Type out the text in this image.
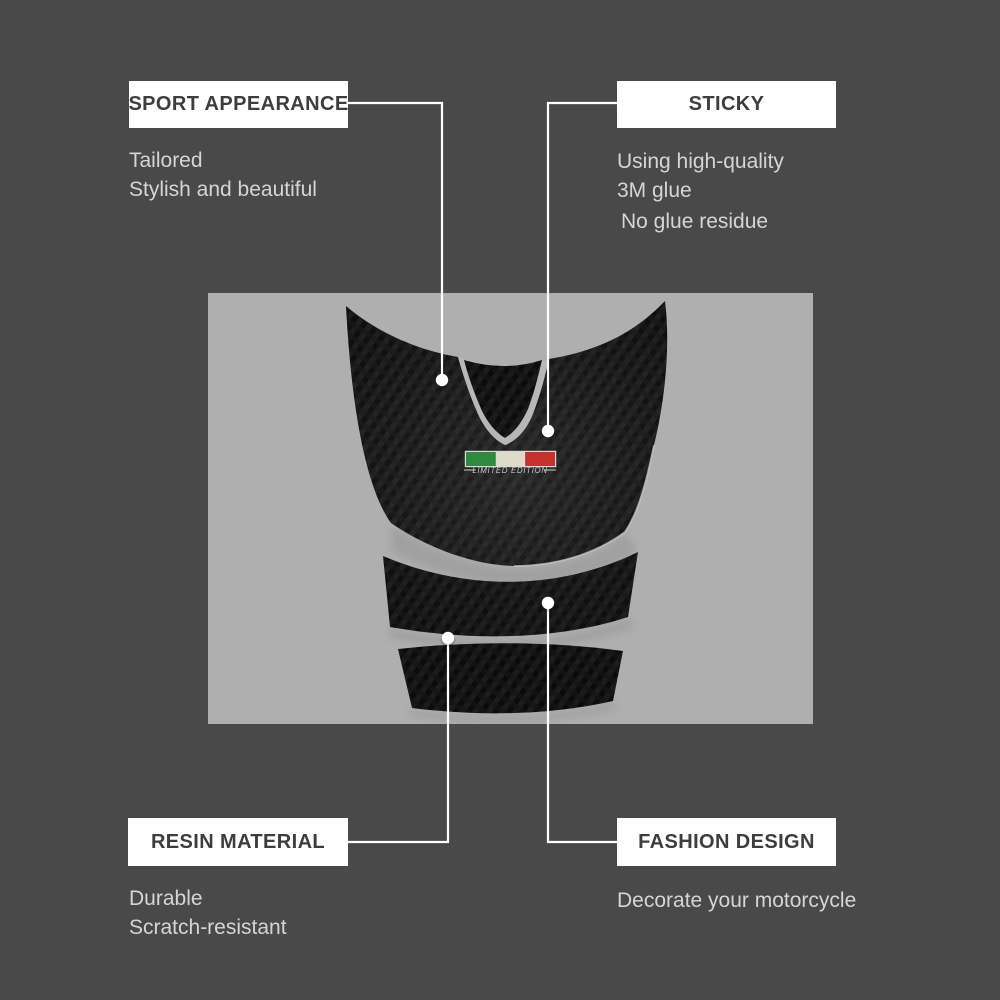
LIMITED EDITION
SPORT APPEARANCE	STICKY
RESIN MATERIAL	FASHION DESIGN
Tailored
Stylish and beautiful
Using high-quality
3M glue
No glue residue
Durable
Scratch-resistant
Decorate your motorcycle
